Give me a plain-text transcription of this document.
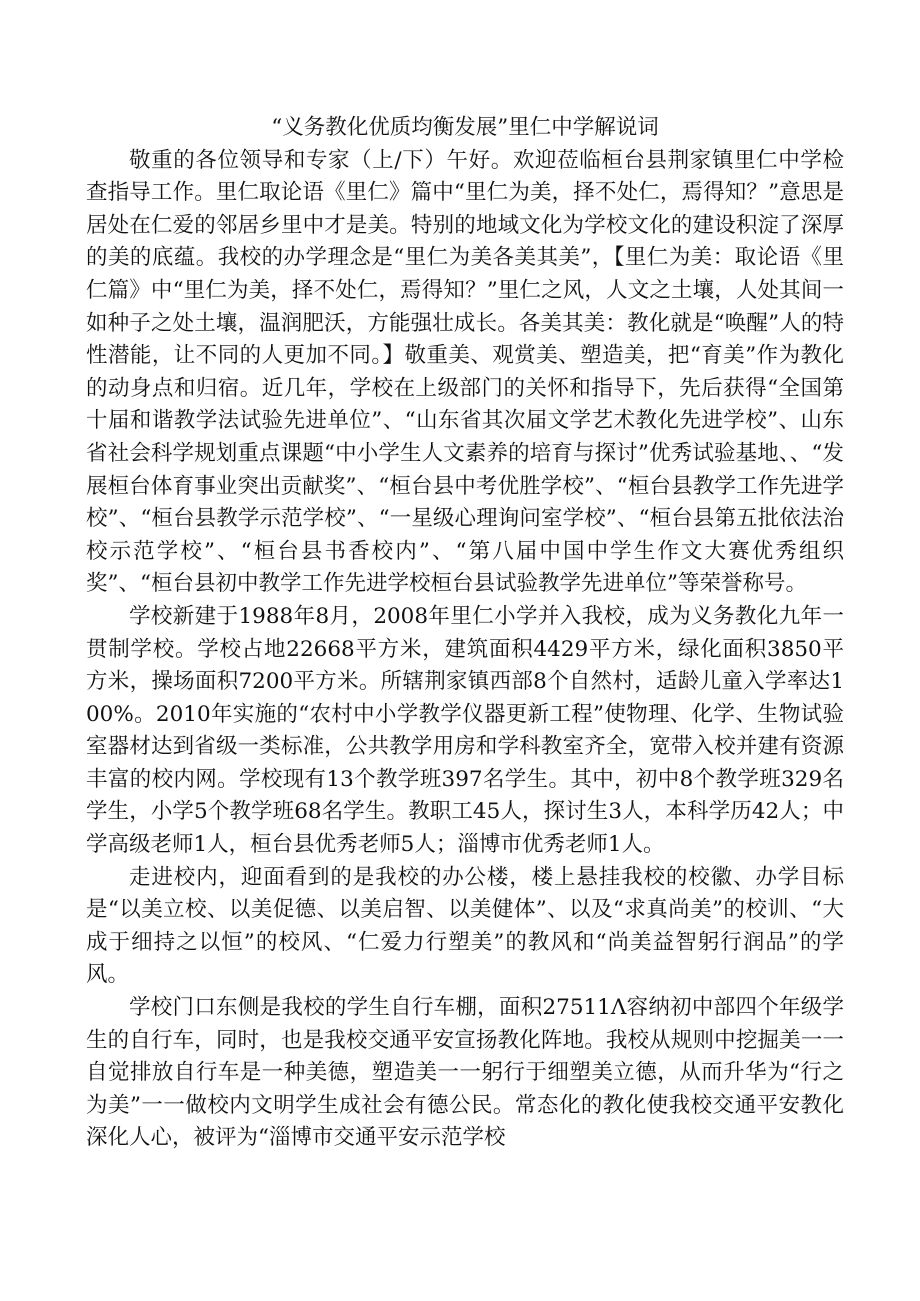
“义务教化优质均衡发展”里仁中学解说词

敬重的各位领导和专家（上/下）午好。欢迎莅临桓台县荆家镇里仁中学检查指导工作。里仁取论语《里仁》篇中“里仁为美，择不处仁，焉得知？”意思是居处在仁爱的邻居乡里中才是美。特别的地域文化为学校文化的建设积淀了深厚的美的底蕴。我校的办学理念是“里仁为美各美其美”，【里仁为美：取论语《里仁篇》中“里仁为美，择不处仁，焉得知？”里仁之风，人文之土壤，人处其间一如种子之处土壤，温润肥沃，方能强壮成长。各美其美：教化就是“唤醒”人的特性潜能，让不同的人更加不同。】敬重美、观赏美、塑造美，把“育美”作为教化的动身点和归宿。近几年，学校在上级部门的关怀和指导下，先后获得“全国第十届和谐教学法试验先进单位”、“山东省其次届文学艺术教化先进学校”、山东省社会科学规划重点课题“中小学生人文素养的培育与探讨”优秀试验基地、、“发展桓台体育事业突出贡献奖”、“桓台县中考优胜学校”、“桓台县教学工作先进学校”、“桓台县教学示范学校”、“一星级心理询问室学校”、“桓台县第五批依法治校示范学校”、“桓台县书香校内”、“第八届中国中学生作文大赛优秀组织奖”、“桓台县初中教学工作先进学校桓台县试验教学先进单位”等荣誉称号。

学校新建于1988年8月，2008年里仁小学并入我校，成为义务教化九年一贯制学校。学校占地22668平方米，建筑面积4429平方米，绿化面积3850平方米，操场面积7200平方米。所辖荆家镇西部8个自然村，适龄儿童入学率达100%。2010年实施的“农村中小学教学仪器更新工程”使物理、化学、生物试验室器材达到省级一类标准，公共教学用房和学科教室齐全，宽带入校并建有资源丰富的校内网。学校现有13个教学班397名学生。其中，初中8个教学班329名学生，小学5个教学班68名学生。教职工45人，探讨生3人，本科学历42人；中学高级老师1人，桓台县优秀老师5人；淄博市优秀老师1人。

走进校内，迎面看到的是我校的办公楼，楼上悬挂我校的校徽、办学目标是“以美立校、以美促德、以美启智、以美健体”、以及“求真尚美”的校训、“大成于细持之以恒”的校风、“仁爱力行塑美”的教风和“尚美益智躬行润品”的学风。

学校门口东侧是我校的学生自行车棚，面积27511Λ容纳初中部四个年级学生的自行车，同时，也是我校交通平安宣扬教化阵地。我校从规则中挖掘美一一自觉排放自行车是一种美德，塑造美一一躬行于细塑美立德，从而升华为“行之为美”一一做校内文明学生成社会有德公民。常态化的教化使我校交通平安教化深化人心，被评为“淄博市交通平安示范学校
